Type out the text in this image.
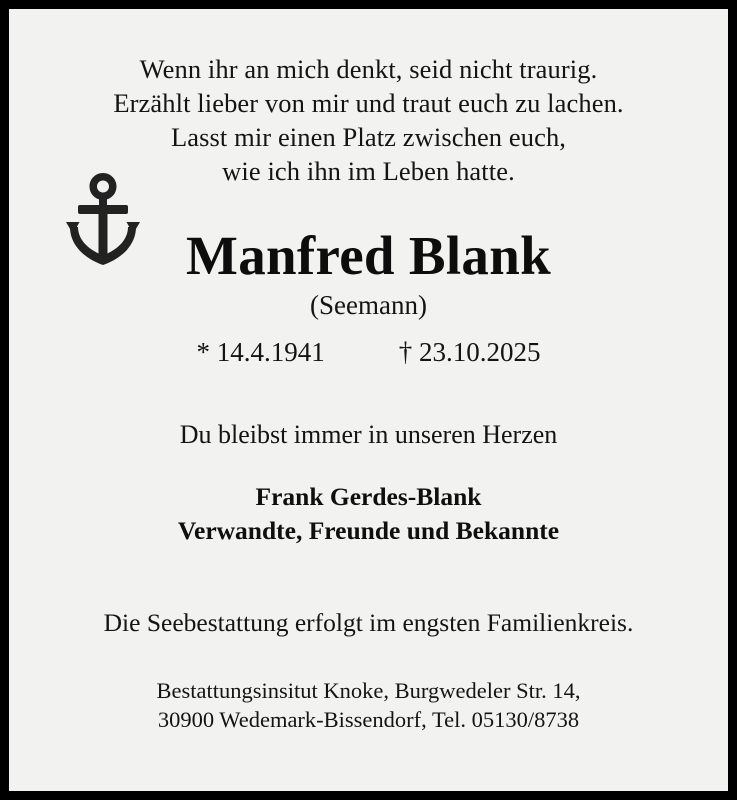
Wenn ihr an mich denkt, seid nicht traurig.
Erzählt lieber von mir und traut euch zu lachen.
Lasst mir einen Platz zwischen euch,
wie ich ihn im Leben hatte.
Manfred Blank
(Seemann)
* 14.4.1941	† 23.10.2025
Du bleibst immer in unseren Herzen
Frank Gerdes-Blank
Verwandte, Freunde und Bekannte
Die Seebestattung erfolgt im engsten Familienkreis.
Bestattungsinsitut Knoke, Burgwedeler Str. 14,
30900 Wedemark-Bissendorf, Tel. 05130/8738
